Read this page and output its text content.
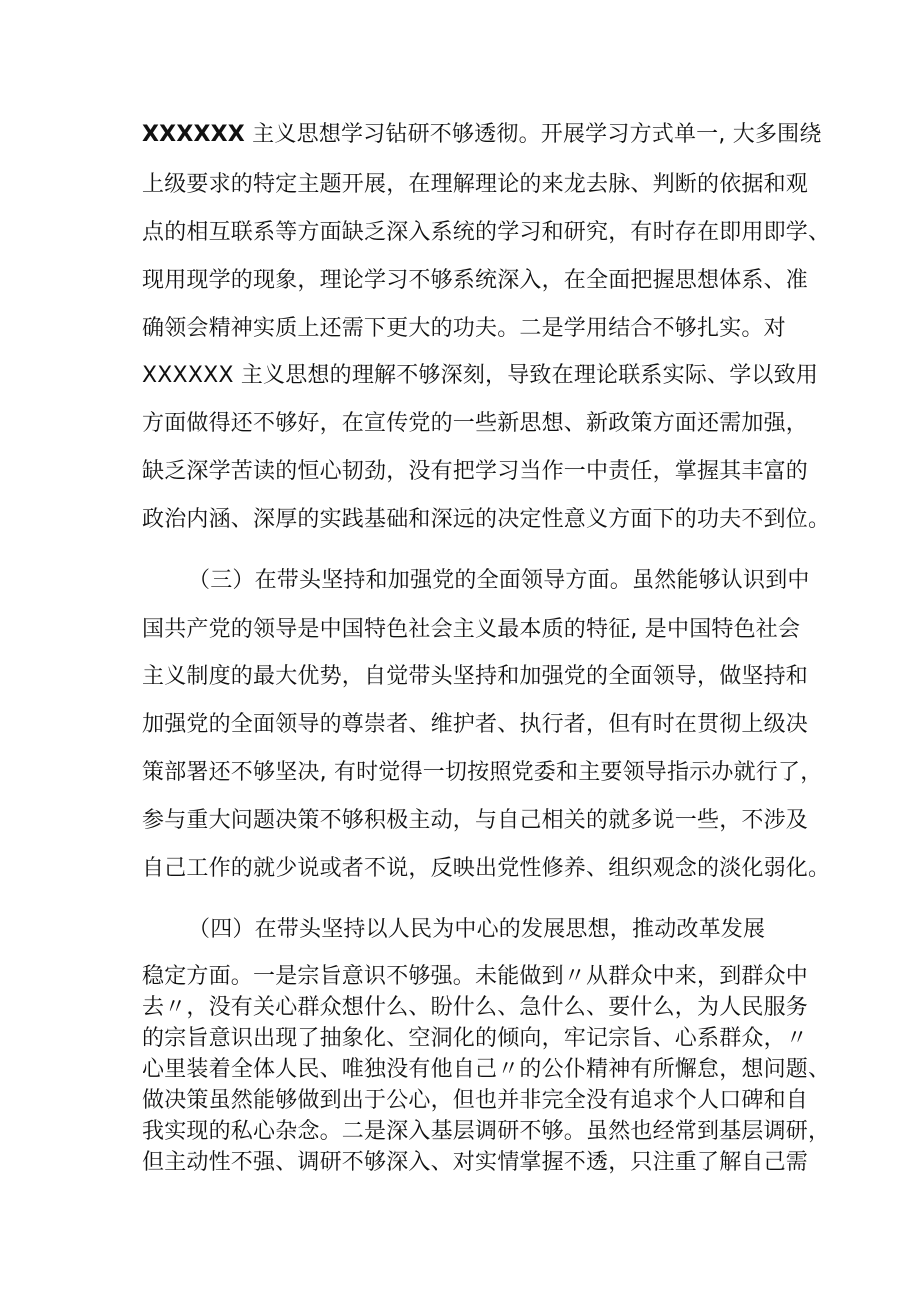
XXXXXX 主义思想学习钻研不够透彻。开展学习方式单一, 大多围绕
上级要求的特定主题开展，在理解理论的来龙去脉、判断的依据和观
点的相互联系等方面缺乏深入系统的学习和研究，有时存在即用即学、
现用现学的现象，理论学习不够系统深入，在全面把握思想体系、准
确领会精神实质上还需下更大的功夫。二是学用结合不够扎实。对
XXXXXX 主义思想的理解不够深刻，导致在理论联系实际、学以致用
方面做得还不够好，在宣传党的一些新思想、新政策方面还需加强，
缺乏深学苦读的恒心韧劲，没有把学习当作一中责任，掌握其丰富的
政治内涵、深厚的实践基础和深远的决定性意义方面下的功夫不到位。
（三）在带头坚持和加强党的全面领导方面。虽然能够认识到中
国共产党的领导是中国特色社会主义最本质的特征, 是中国特色社会
主义制度的最大优势，自觉带头坚持和加强党的全面领导，做坚持和
加强党的全面领导的尊崇者、维护者、执行者，但有时在贯彻上级决
策部署还不够坚决, 有时觉得一切按照党委和主要领导指示办就行了，
参与重大问题决策不够积极主动，与自己相关的就多说一些，不涉及
自己工作的就少说或者不说，反映出党性修养、组织观念的淡化弱化。
（四）在带头坚持以人民为中心的发展思想，推动改革发展
稳定方面。一是宗旨意识不够强。未能做到〃从群众中来，到群众中
去〃，没有关心群众想什么、盼什么、急什么、要什么，为人民服务
的宗旨意识出现了抽象化、空洞化的倾向，牢记宗旨、心系群众，〃
心里装着全体人民、唯独没有他自己〃的公仆精神有所懈怠，想问题、
做决策虽然能够做到出于公心，但也并非完全没有追求个人口碑和自
我实现的私心杂念。二是深入基层调研不够。虽然也经常到基层调研，
但主动性不强、调研不够深入、对实情掌握不透，只注重了解自己需
